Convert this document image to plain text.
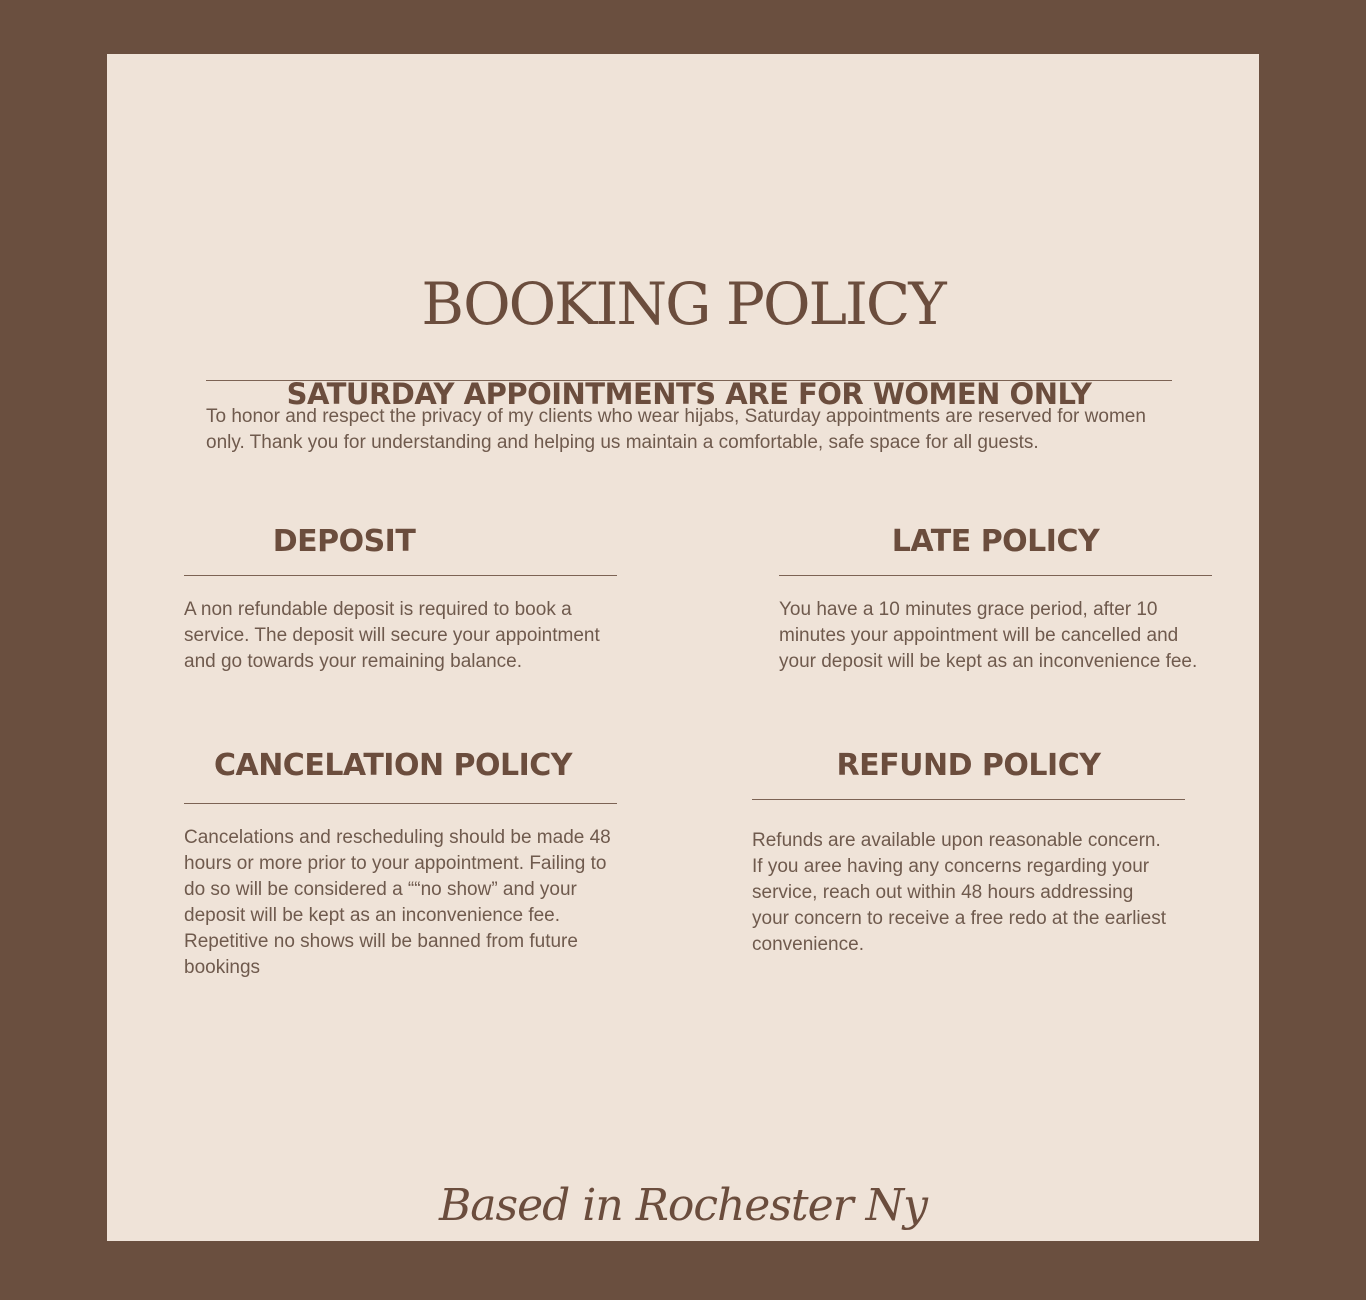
BOOKING POLICY
SATURDAY APPOINTMENTS ARE FOR WOMEN ONLY

To honor and respect the privacy of my clients who wear hijabs, Saturday appointments are reserved for women only. Thank you for understanding and helping us maintain a comfortable, safe space for all guests.

DEPOSIT

A non refundable deposit is required to book a service. The deposit will secure your appointment and go towards your remaining balance.

LATE POLICY

You have a 10 minutes grace period, after 10 minutes your appointment will be cancelled and your deposit will be kept as an inconvenience fee.

CANCELATION POLICY

Cancelations and rescheduling should be made 48 hours or more prior to your appointment. Failing to do so will be considered a ““no show” and your deposit will be kept as an inconvenience fee. Repetitive no shows will be banned from future bookings

REFUND POLICY

Refunds are available upon reasonable concern. If you aree having any concerns regarding your service, reach out within 48 hours addressing your concern to receive a free redo at the earliest convenience.

Based in Rochester Ny
